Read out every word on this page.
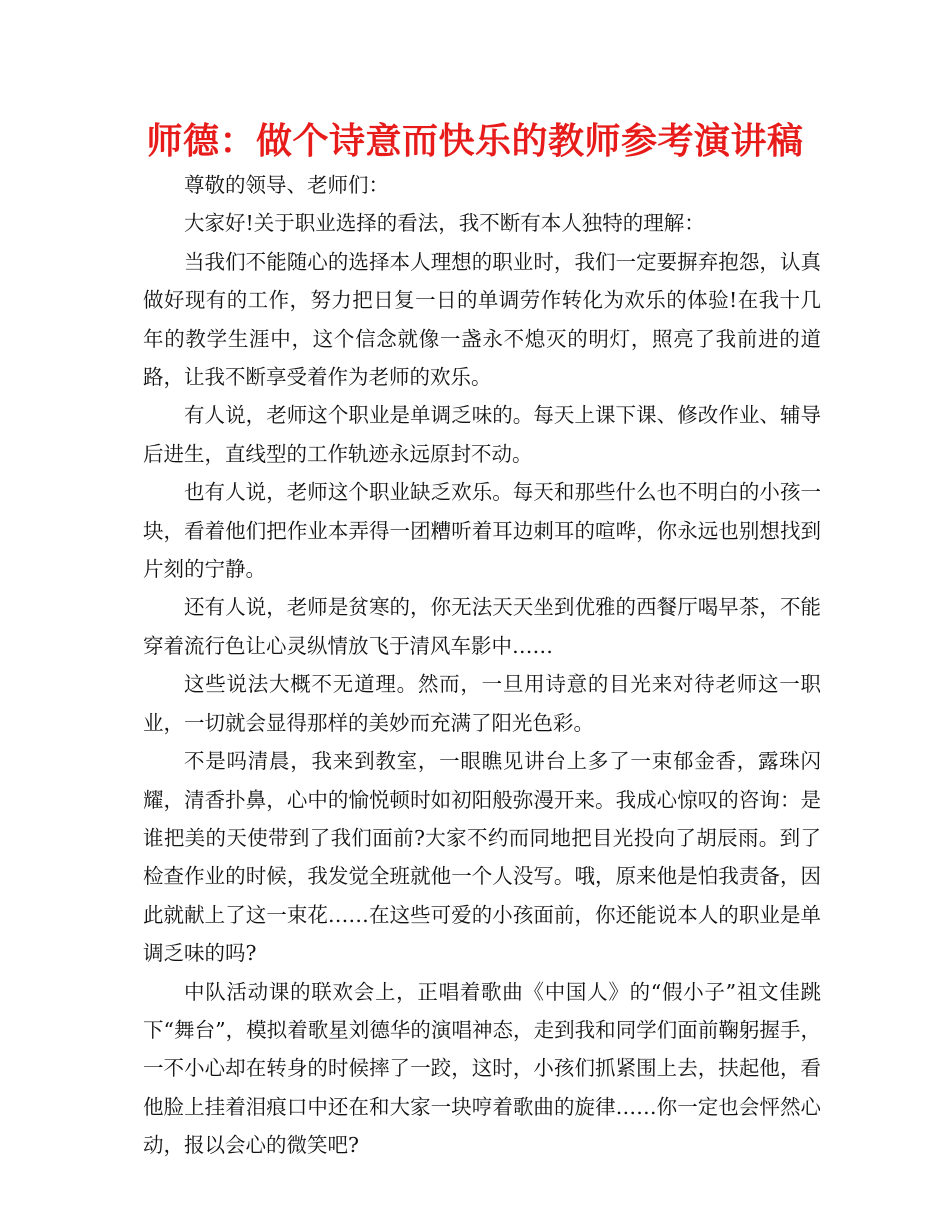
师德：做个诗意而快乐的教师参考演讲稿

尊敬的领导、老师们：

大家好!关于职业选择的看法，我不断有本人独特的理解：

当我们不能随心的选择本人理想的职业时，我们一定要摒弃抱怨，认真做好现有的工作，努力把日复一日的单调劳作转化为欢乐的体验!在我十几年的教学生涯中，这个信念就像一盏永不熄灭的明灯，照亮了我前进的道路，让我不断享受着作为老师的欢乐。

有人说，老师这个职业是单调乏味的。每天上课下课、修改作业、辅导后进生，直线型的工作轨迹永远原封不动。

也有人说，老师这个职业缺乏欢乐。每天和那些什么也不明白的小孩一块，看着他们把作业本弄得一团糟听着耳边刺耳的喧哗，你永远也别想找到片刻的宁静。

还有人说，老师是贫寒的，你无法天天坐到优雅的西餐厅喝早茶，不能穿着流行色让心灵纵情放飞于清风车影中……

这些说法大概不无道理。然而，一旦用诗意的目光来对待老师这一职业，一切就会显得那样的美妙而充满了阳光色彩。

不是吗清晨，我来到教室，一眼瞧见讲台上多了一束郁金香，露珠闪耀，清香扑鼻，心中的愉悦顿时如初阳般弥漫开来。我成心惊叹的咨询：是谁把美的天使带到了我们面前?大家不约而同地把目光投向了胡辰雨。到了检查作业的时候，我发觉全班就他一个人没写。哦，原来他是怕我责备，因此就献上了这一束花……在这些可爱的小孩面前，你还能说本人的职业是单调乏味的吗?

中队活动课的联欢会上，正唱着歌曲《中国人》的“假小子”祖文佳跳下“舞台”，模拟着歌星刘德华的演唱神态，走到我和同学们面前鞠躬握手，一不小心却在转身的时候摔了一跤，这时，小孩们抓紧围上去，扶起他，看他脸上挂着泪痕口中还在和大家一块哼着歌曲的旋律……你一定也会怦然心动，报以会心的微笑吧?
